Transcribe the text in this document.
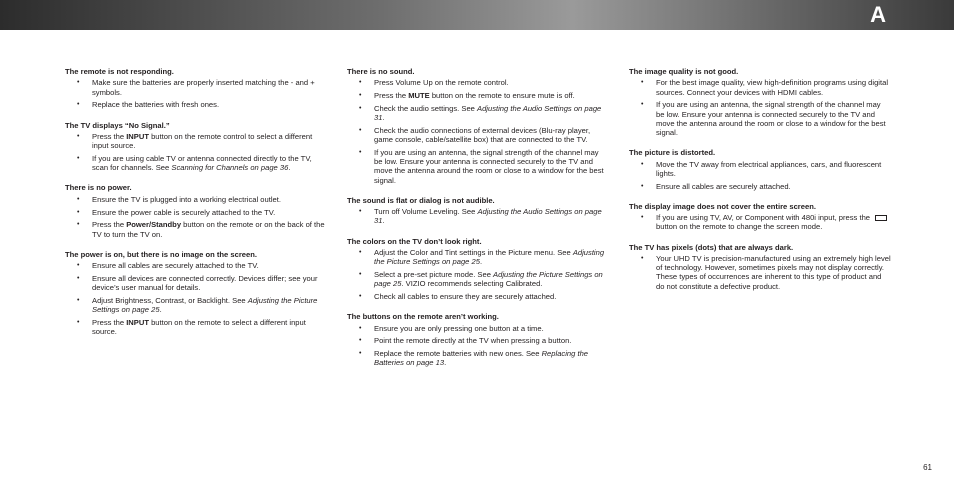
A
The remote is not responding.
• Make sure the batteries are properly inserted matching the - and + symbols.
• Replace the batteries with fresh ones.
The TV displays “No Signal.”
• Press the INPUT button on the remote control to select a different input source.
• If you are using cable TV or antenna connected directly to the TV, scan for channels. See Scanning for Channels on page 36.
There is no power.
• Ensure the TV is plugged into a working electrical outlet.
• Ensure the power cable is securely attached to the TV.
• Press the Power/Standby button on the remote or on the back of the TV to turn the TV on.
The power is on, but there is no image on the screen.
• Ensure all cables are securely attached to the TV.
• Ensure all devices are connected correctly. Devices differ; see your device’s user manual for details.
• Adjust Brightness, Contrast, or Backlight. See Adjusting the Picture Settings on page 25.
• Press the INPUT button on the remote to select a different input source.
There is no sound.
• Press Volume Up on the remote control.
• Press the MUTE button on the remote to ensure mute is off.
• Check the audio settings. See Adjusting the Audio Settings on page 31.
• Check the audio connections of external devices (Blu-ray player, game console, cable/satellite box) that are connected to the TV.
• If you are using an antenna, the signal strength of the channel may be low. Ensure your antenna is connected securely to the TV and move the antenna around the room or close to a window for the best signal.
The sound is flat or dialog is not audible.
• Turn off Volume Leveling. See Adjusting the Audio Settings on page 31.
The colors on the TV don’t look right.
• Adjust the Color and Tint settings in the Picture menu. See Adjusting the Picture Settings on page 25.
• Select a pre-set picture mode. See Adjusting the Picture Settings on page 25. VIZIO recommends selecting Calibrated.
• Check all cables to ensure they are securely attached.
The buttons on the remote aren’t working.
• Ensure you are only pressing one button at a time.
• Point the remote directly at the TV when pressing a button.
• Replace the remote batteries with new ones. See Replacing the Batteries on page 13.
The image quality is not good.
• For the best image quality, view high-definition programs using digital sources. Connect your devices with HDMI cables.
• If you are using an antenna, the signal strength of the channel may be low. Ensure your antenna is connected securely to the TV and move the antenna around the room or close to a window for the best signal.
The picture is distorted.
• Move the TV away from electrical appliances, cars, and fluorescent lights.
• Ensure all cables are securely attached.
The display image does not cover the entire screen.
• If you are using TV, AV, or Component with 480i input, press the  button on the remote to change the screen mode.
The TV has pixels (dots) that are always dark.
• Your UHD TV is precision-manufactured using an extremely high level of technology. However, sometimes pixels may not display correctly. These types of occurrences are inherent to this type of product and do not constitute a defective product.
61
